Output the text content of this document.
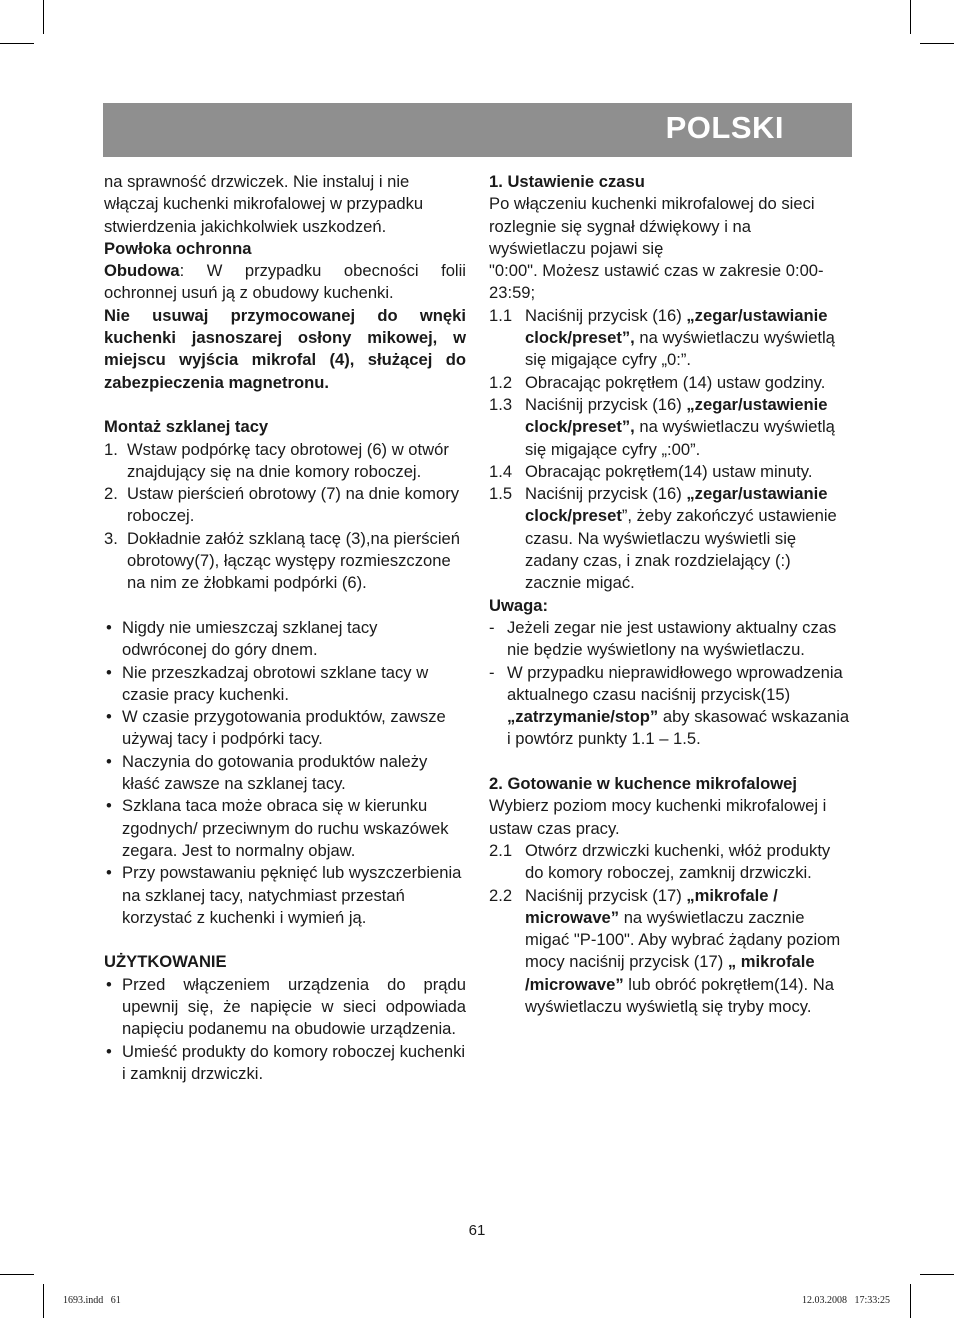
POLSKI

na sprawność drzwiczek. Nie instaluj i nie włączaj kuchenki mikrofalowej w przypadku stwierdzenia jakichkolwiek uszkodzeń.

Powłoka ochronna

Obudowa: W przypadku obecności folii ochronnej usuń ją z obudowy kuchenki.

Nie usuwaj przymocowanej do wnęki kuchenki jasnoszarej osłony mikowej, w miejscu wyjścia mikrofal (4), służącej do zabezpieczenia magnetronu.

Montaż szklanej tacy

1. Wstaw podpórkę tacy obrotowej (6) w otwór znajdujący się na dnie komory roboczej.
2. Ustaw pierścień obrotowy (7) na dnie komory roboczej.
3. Dokładnie załóż szklaną tacę (3),na pierścień obrotowy(7), łącząc występy rozmieszczone na nim ze żłobkami podpórki (6).
• Nigdy nie umieszczaj szklanej tacy odwróconej do góry dnem.
• Nie przeszkadzaj obrotowi szklane tacy w czasie pracy kuchenki.
• W czasie przygotowania produktów, zawsze używaj tacy i podpórki tacy.
• Naczynia do gotowania produktów należy kłaść zawsze na szklanej tacy.
• Szklana taca może obraca się w kierunku zgodnych/ przeciwnym do ruchu wskazówek zegara. Jest to normalny objaw.
• Przy powstawaniu pęknięć lub wyszczerbienia na szklanej tacy, natychmiast przestań korzystać z kuchenki i wymień ją.

UŻYTKOWANIE

• Przed włączeniem urządzenia do prądu upewnij się, że napięcie w sieci odpowiada napięciu podanemu na obudowie urządzenia.
• Umieść produkty do komory roboczej kuchenki i zamknij drzwiczki.

1. Ustawienie czasu

Po włączeniu kuchenki mikrofalowej do sieci rozlegnie się sygnał dźwiękowy i na wyświetlaczu pojawi się

"0:00". Możesz ustawić czas w zakresie 0:00-23:59;

1.1 Naciśnij przycisk (16) „zegar/ustawianie clock/preset”, na wyświetlaczu wyświetlą się migające cyfry „0:”.
1.2 Obracając pokrętłem (14) ustaw godziny.
1.3 Naciśnij przycisk (16) „zegar/ustawienie clock/preset”, na wyświetlaczu wyświetlą się migające cyfry „:00”.
1.4 Obracając pokrętłem(14) ustaw minuty.
1.5 Naciśnij przycisk (16) „zegar/ustawianie clock/preset”, żeby zakończyć ustawienie czasu. Na wyświetlaczu wyświetli się zadany czas, i znak rozdzielający (:) zacznie migać.

Uwaga:

- Jeżeli zegar nie jest ustawiony aktualny czas nie będzie wyświetlony na wyświetlaczu.
- W przypadku nieprawidłowego wprowadzenia aktualnego czasu naciśnij przycisk(15) „zatrzymanie/stop” aby skasować wskazania i powtórz punkty 1.1 – 1.5.

2. Gotowanie w kuchence mikrofalowej

Wybierz poziom mocy kuchenki mikrofalowej i ustaw czas pracy.

2.1 Otwórz drzwiczki kuchenki, włóż produkty do komory roboczej, zamknij drzwiczki.
2.2 Naciśnij przycisk (17) „mikrofale / microwave” na wyświetlaczu zacznie migać "P-100". Aby wybrać żądany poziom mocy naciśnij przycisk (17) „ mikrofale /microwave” lub obróć pokrętłem(14). Na wyświetlaczu wyświetlą się tryby mocy.
61
1693.indd   61	12.03.2008   17:33:25
